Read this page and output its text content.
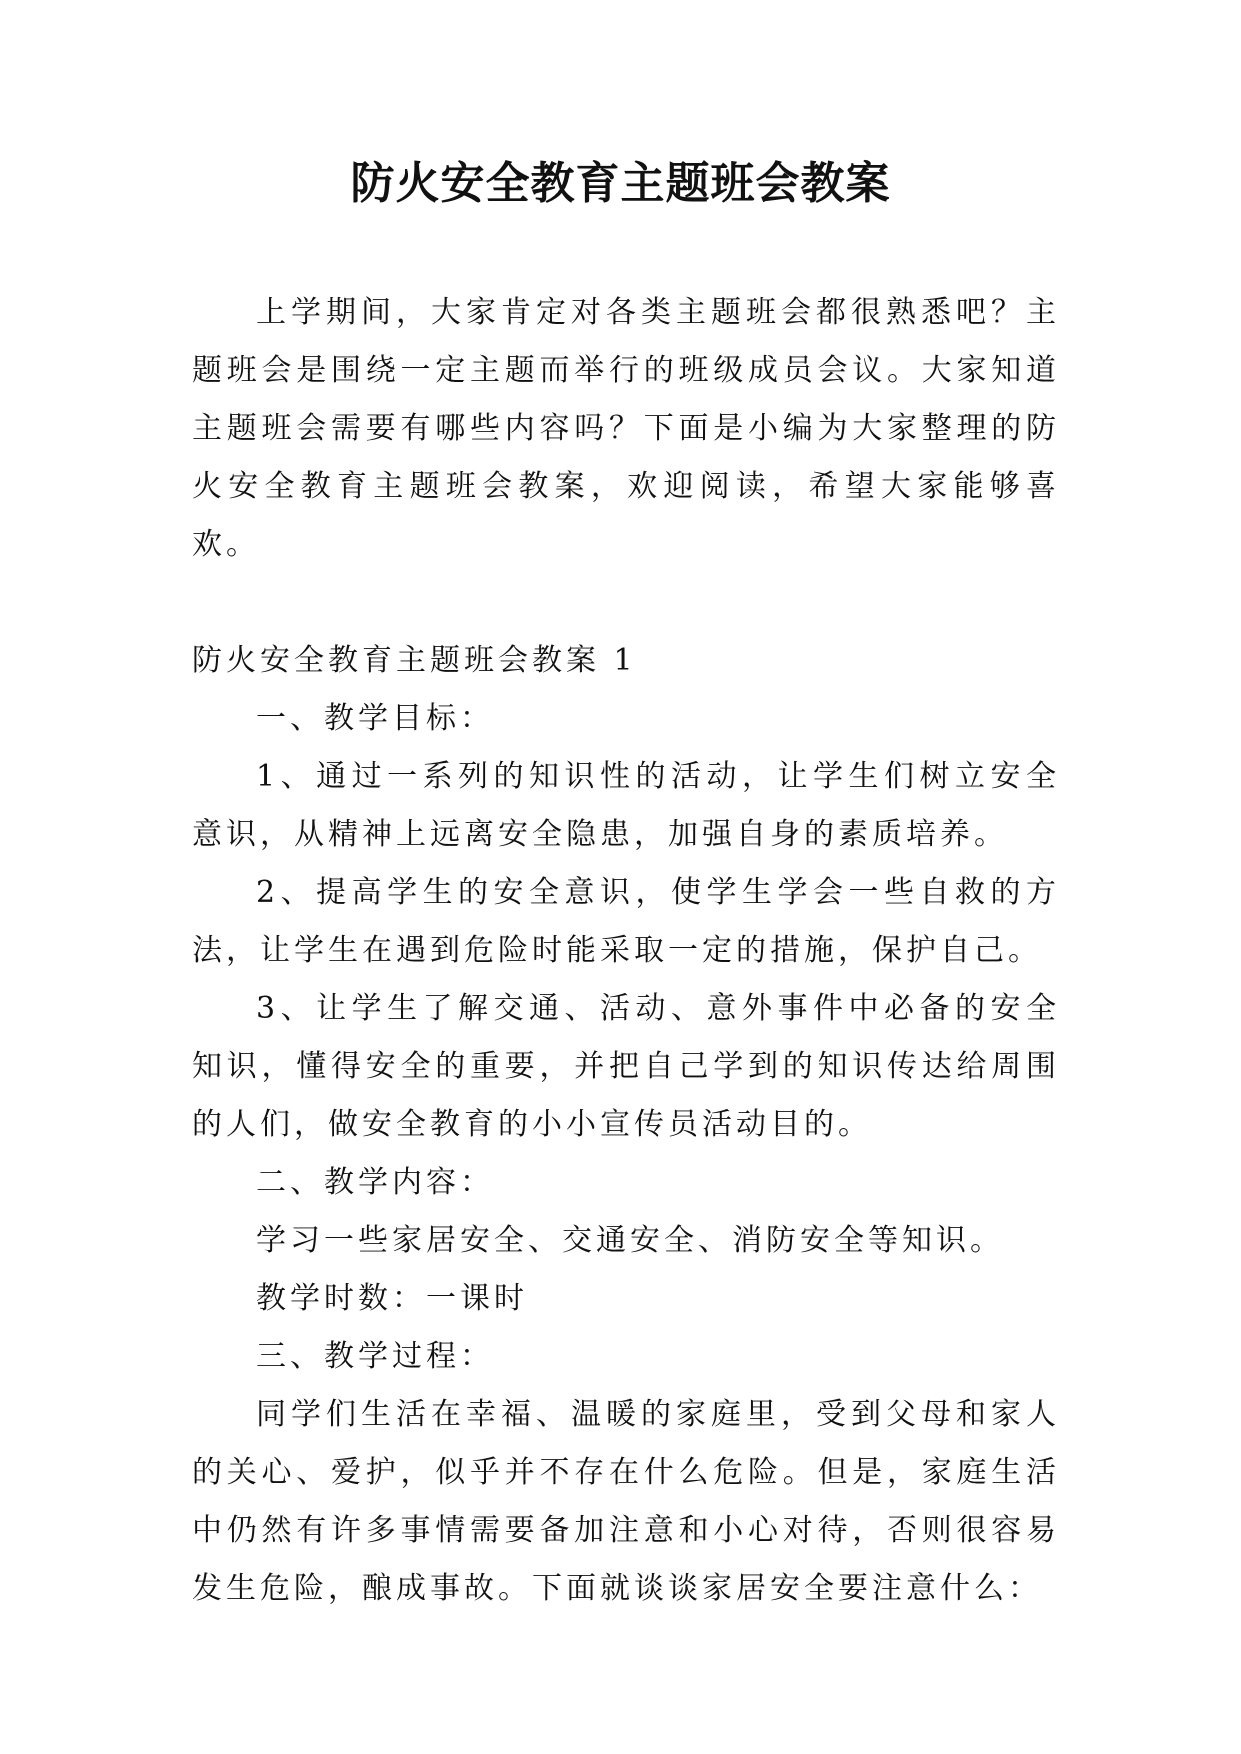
防火安全教育主题班会教案

上学期间，大家肯定对各类主题班会都很熟悉吧？主题班会是围绕一定主题而举行的班级成员会议。大家知道主题班会需要有哪些内容吗？下面是小编为大家整理的防火安全教育主题班会教案，欢迎阅读，希望大家能够喜欢。

防火安全教育主题班会教案 1

一、教学目标：

1、通过一系列的知识性的活动，让学生们树立安全意识，从精神上远离安全隐患，加强自身的素质培养。

2、提高学生的安全意识，使学生学会一些自救的方法，让学生在遇到危险时能采取一定的措施，保护自己。

3、让学生了解交通、活动、意外事件中必备的安全知识，懂得安全的重要，并把自己学到的知识传达给周围的人们，做安全教育的小小宣传员活动目的。

二、教学内容：

学习一些家居安全、交通安全、消防安全等知识。

教学时数：一课时

三、教学过程：

同学们生活在幸福、温暖的家庭里，受到父母和家人的关心、爱护，似乎并不存在什么危险。但是，家庭生活中仍然有许多事情需要备加注意和小心对待，否则很容易发生危险，酿成事故。下面就谈谈家居安全要注意什么：
